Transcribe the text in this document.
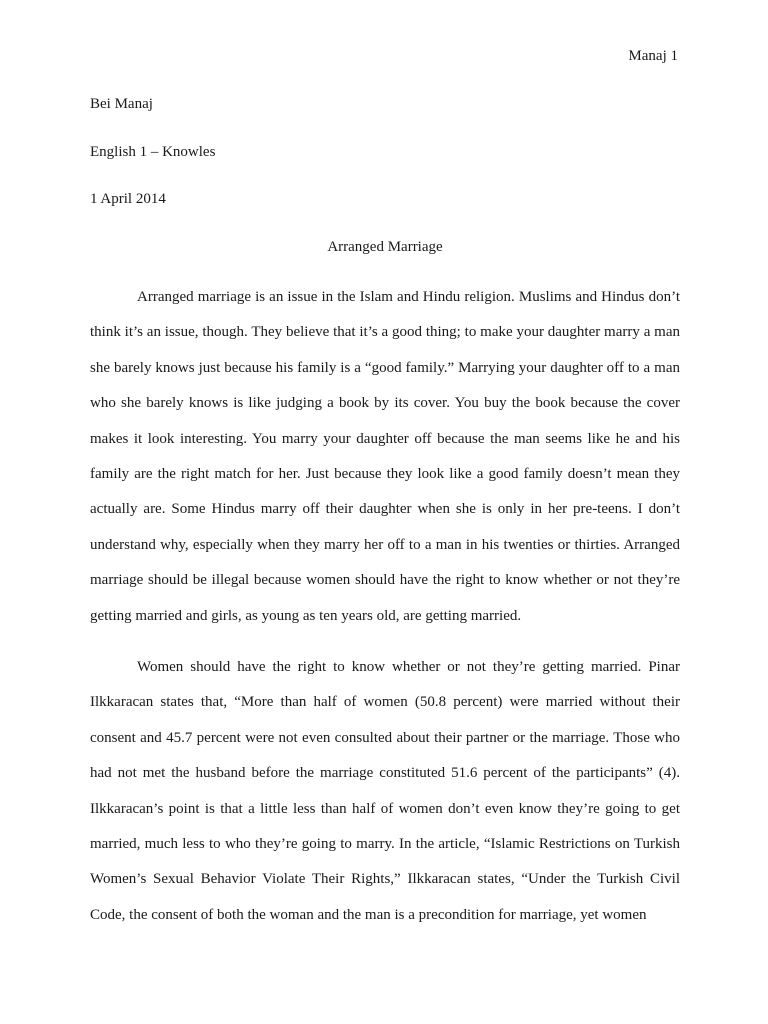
Manaj 1
Bei Manaj
English 1 – Knowles
1 April 2014
Arranged Marriage

Arranged marriage is an issue in the Islam and Hindu religion. Muslims and Hindus don’t think it’s an issue, though. They believe that it’s a good thing; to make your daughter marry a man she barely knows just because his family is a “good family.” Marrying your daughter off to a man who she barely knows is like judging a book by its cover. You buy the book because the cover makes it look interesting. You marry your daughter off because the man seems like he and his family are the right match for her. Just because they look like a good family doesn’t mean they actually are. Some Hindus marry off their daughter when she is only in her pre-teens. I don’t understand why, especially when they marry her off to a man in his twenties or thirties. Arranged marriage should be illegal because women should have the right to know whether or not they’re getting married and girls, as young as ten years old, are getting married.

Women should have the right to know whether or not they’re getting married. Pinar Ilkkaracan states that, “More than half of women (50.8 percent) were married without their consent and 45.7 percent were not even consulted about their partner or the marriage. Those who had not met the husband before the marriage constituted 51.6 percent of the participants” (4). Ilkkaracan’s point is that a little less than half of women don’t even know they’re going to get married, much less to who they’re going to marry. In the article, “Islamic Restrictions on Turkish Women’s Sexual Behavior Violate Their Rights,” Ilkkaracan states, “Under the Turkish Civil Code, the consent of both the woman and the man is a precondition for marriage, yet women
